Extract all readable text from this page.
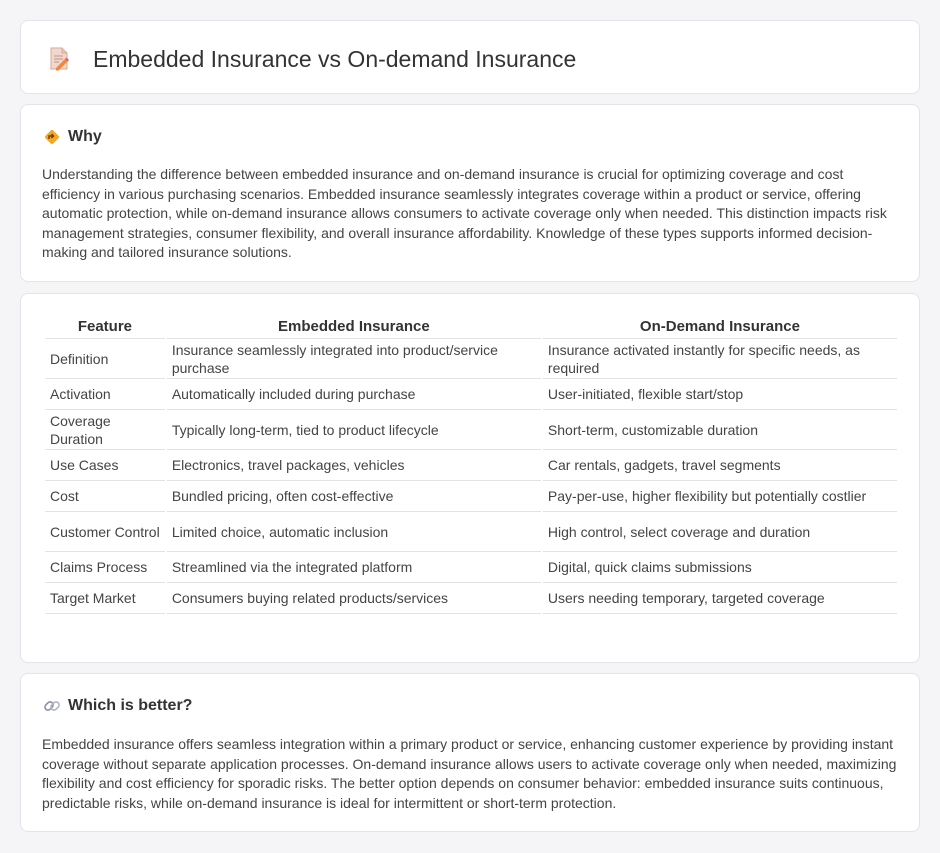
Embedded Insurance vs On-demand Insurance
Why

Understanding the difference between embedded insurance and on-demand insurance is crucial for optimizing coverage and cost efficiency in various purchasing scenarios. Embedded insurance seamlessly integrates coverage within a product or service, offering automatic protection, while on-demand insurance allows consumers to activate coverage only when needed. This distinction impacts risk management strategies, consumer flexibility, and overall insurance affordability. Knowledge of these types supports informed decision-making and tailored insurance solutions.

Feature	Embedded Insurance	On-Demand Insurance
Definition	Insurance seamlessly integrated into product/service purchase	Insurance activated instantly for specific needs, as required
Activation	Automatically included during purchase	User-initiated, flexible start/stop
Coverage Duration	Typically long-term, tied to product lifecycle	Short-term, customizable duration
Use Cases	Electronics, travel packages, vehicles	Car rentals, gadgets, travel segments
Cost	Bundled pricing, often cost-effective	Pay-per-use, higher flexibility but potentially costlier
Customer Control	Limited choice, automatic inclusion	High control, select coverage and duration
Claims Process	Streamlined via the integrated platform	Digital, quick claims submissions
Target Market	Consumers buying related products/services	Users needing temporary, targeted coverage
Which is better?

Embedded insurance offers seamless integration within a primary product or service, enhancing customer experience by providing instant coverage without separate application processes. On-demand insurance allows users to activate coverage only when needed, maximizing flexibility and cost efficiency for sporadic risks. The better option depends on consumer behavior: embedded insurance suits continuous, predictable risks, while on-demand insurance is ideal for intermittent or short-term protection.
